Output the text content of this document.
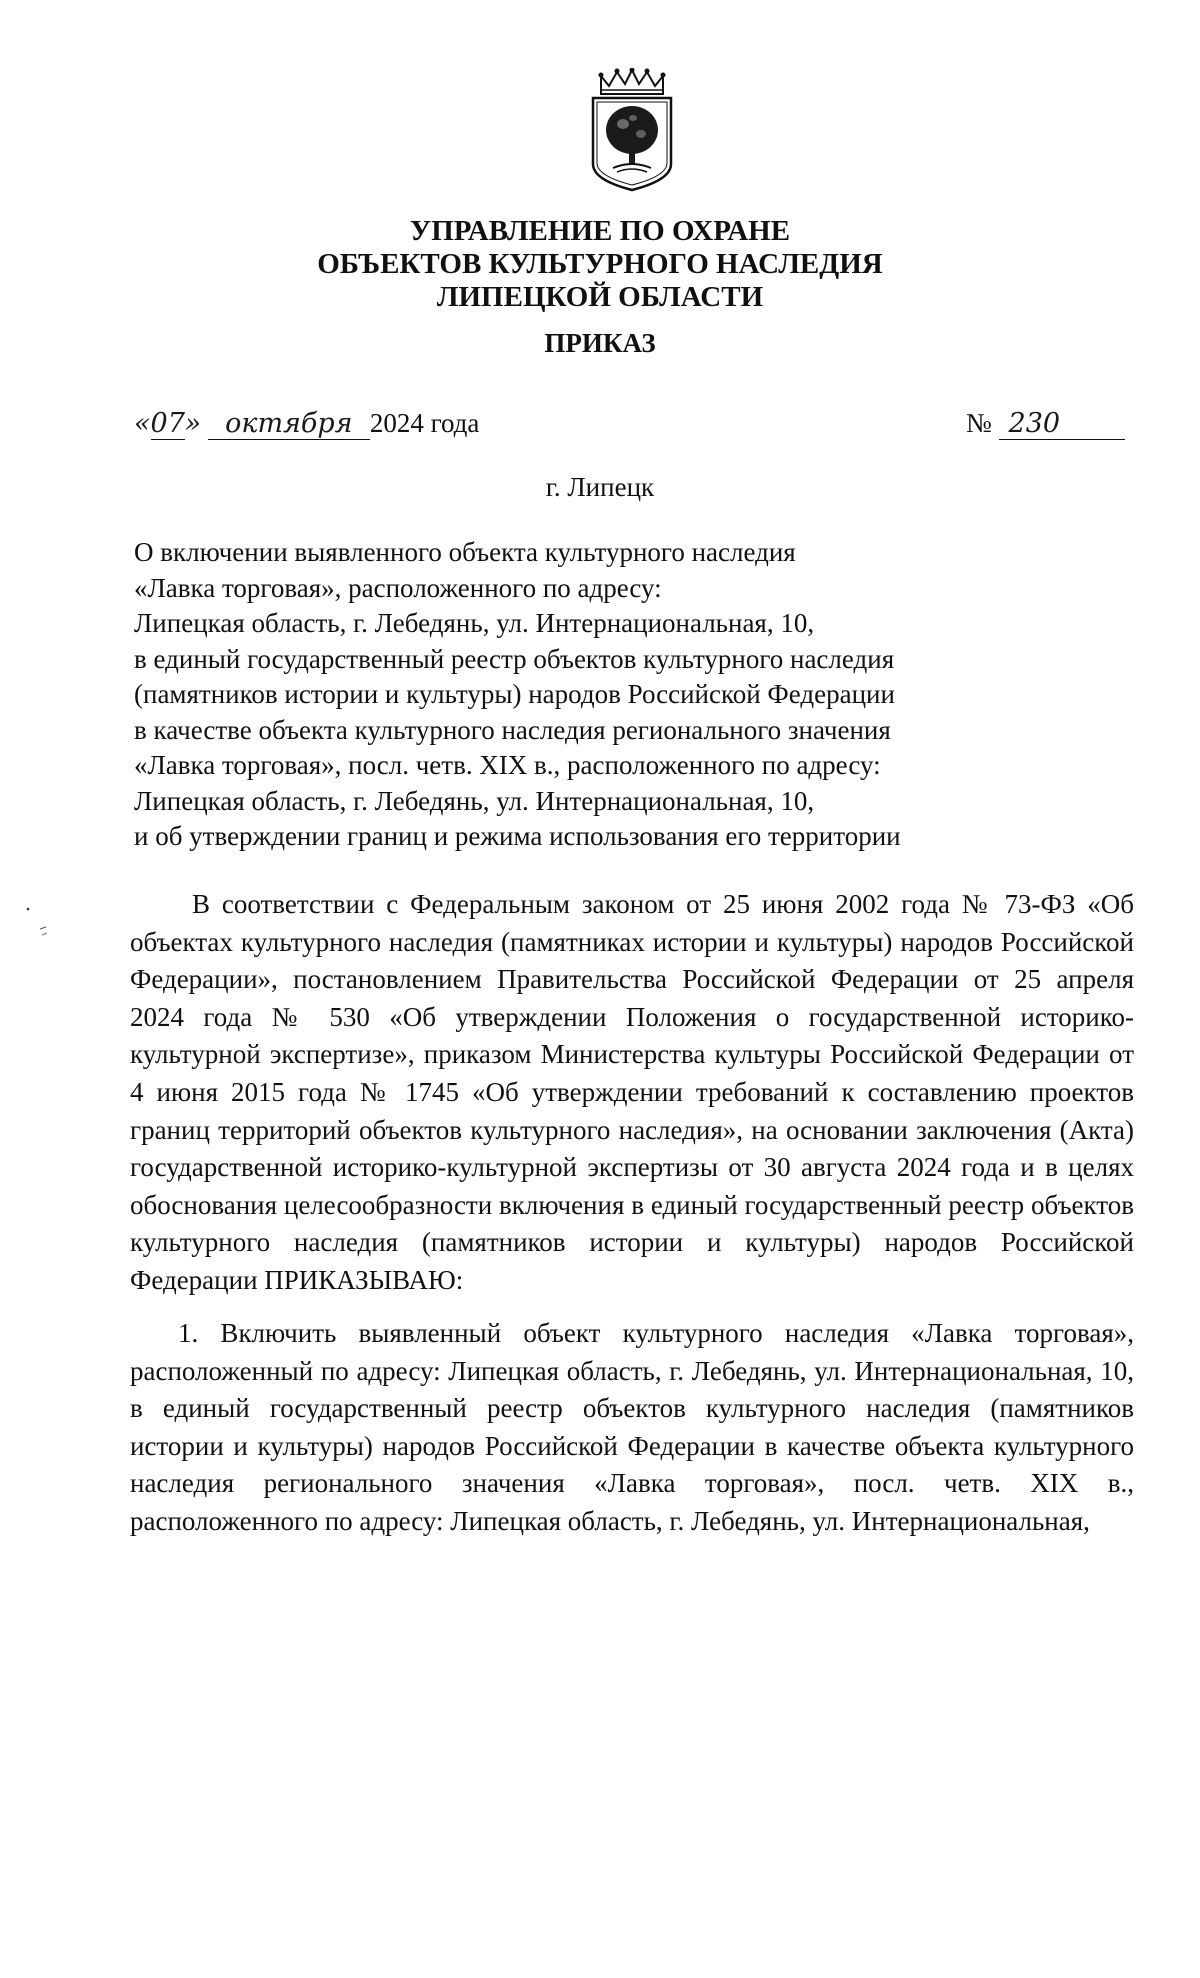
УПРАВЛЕНИЕ ПО ОХРАНЕ
ОБЪЕКТОВ КУЛЬТУРНОГО НАСЛЕДИЯ
ЛИПЕЦКОЙ ОБЛАСТИ
ПРИКАЗ
«07» октября 2024 года	№ 230
г. Липецк
О включении выявленного объекта культурного наследия
«Лавка торговая», расположенного по адресу:
Липецкая область, г. Лебедянь, ул. Интернациональная, 10,
в единый государственный реестр объектов культурного наследия
(памятников истории и культуры) народов Российской Федерации
в качестве объекта культурного наследия регионального значения
«Лавка торговая», посл. четв. XIX в., расположенного по адресу:
Липецкая область, г. Лебедянь, ул. Интернациональная, 10,
и об утверждении границ и режима использования его территории
В соответствии с Федеральным законом от 25 июня 2002 года № 73-ФЗ «Об объектах культурного наследия (памятниках истории и культуры) народов Российской Федерации», постановлением Правительства Российской Федерации от 25 апреля 2024 года № 530 «Об утверждении Положения о государственной историко-культурной экспертизе», приказом Министерства культуры Российской Федерации от 4 июня 2015 года № 1745 «Об утверждении требований к составлению проектов границ территорий объектов культурного наследия», на основании заключения (Акта) государственной историко-культурной экспертизы от 30 августа 2024 года и в целях обоснования целесообразности включения в единый государственный реестр объектов культурного наследия (памятников истории и культуры) народов Российской Федерации ПРИКАЗЫВАЮ:
1. Включить выявленный объект культурного наследия «Лавка торговая», расположенный по адресу: Липецкая область, г. Лебедянь, ул. Интернациональная, 10, в единый государственный реестр объектов культурного наследия (памятников истории и культуры) народов Российской Федерации в качестве объекта культурного наследия регионального значения «Лавка торговая», посл. четв. XIX в., расположенного по адресу: Липецкая область, г. Лебедянь, ул. Интернациональная,
